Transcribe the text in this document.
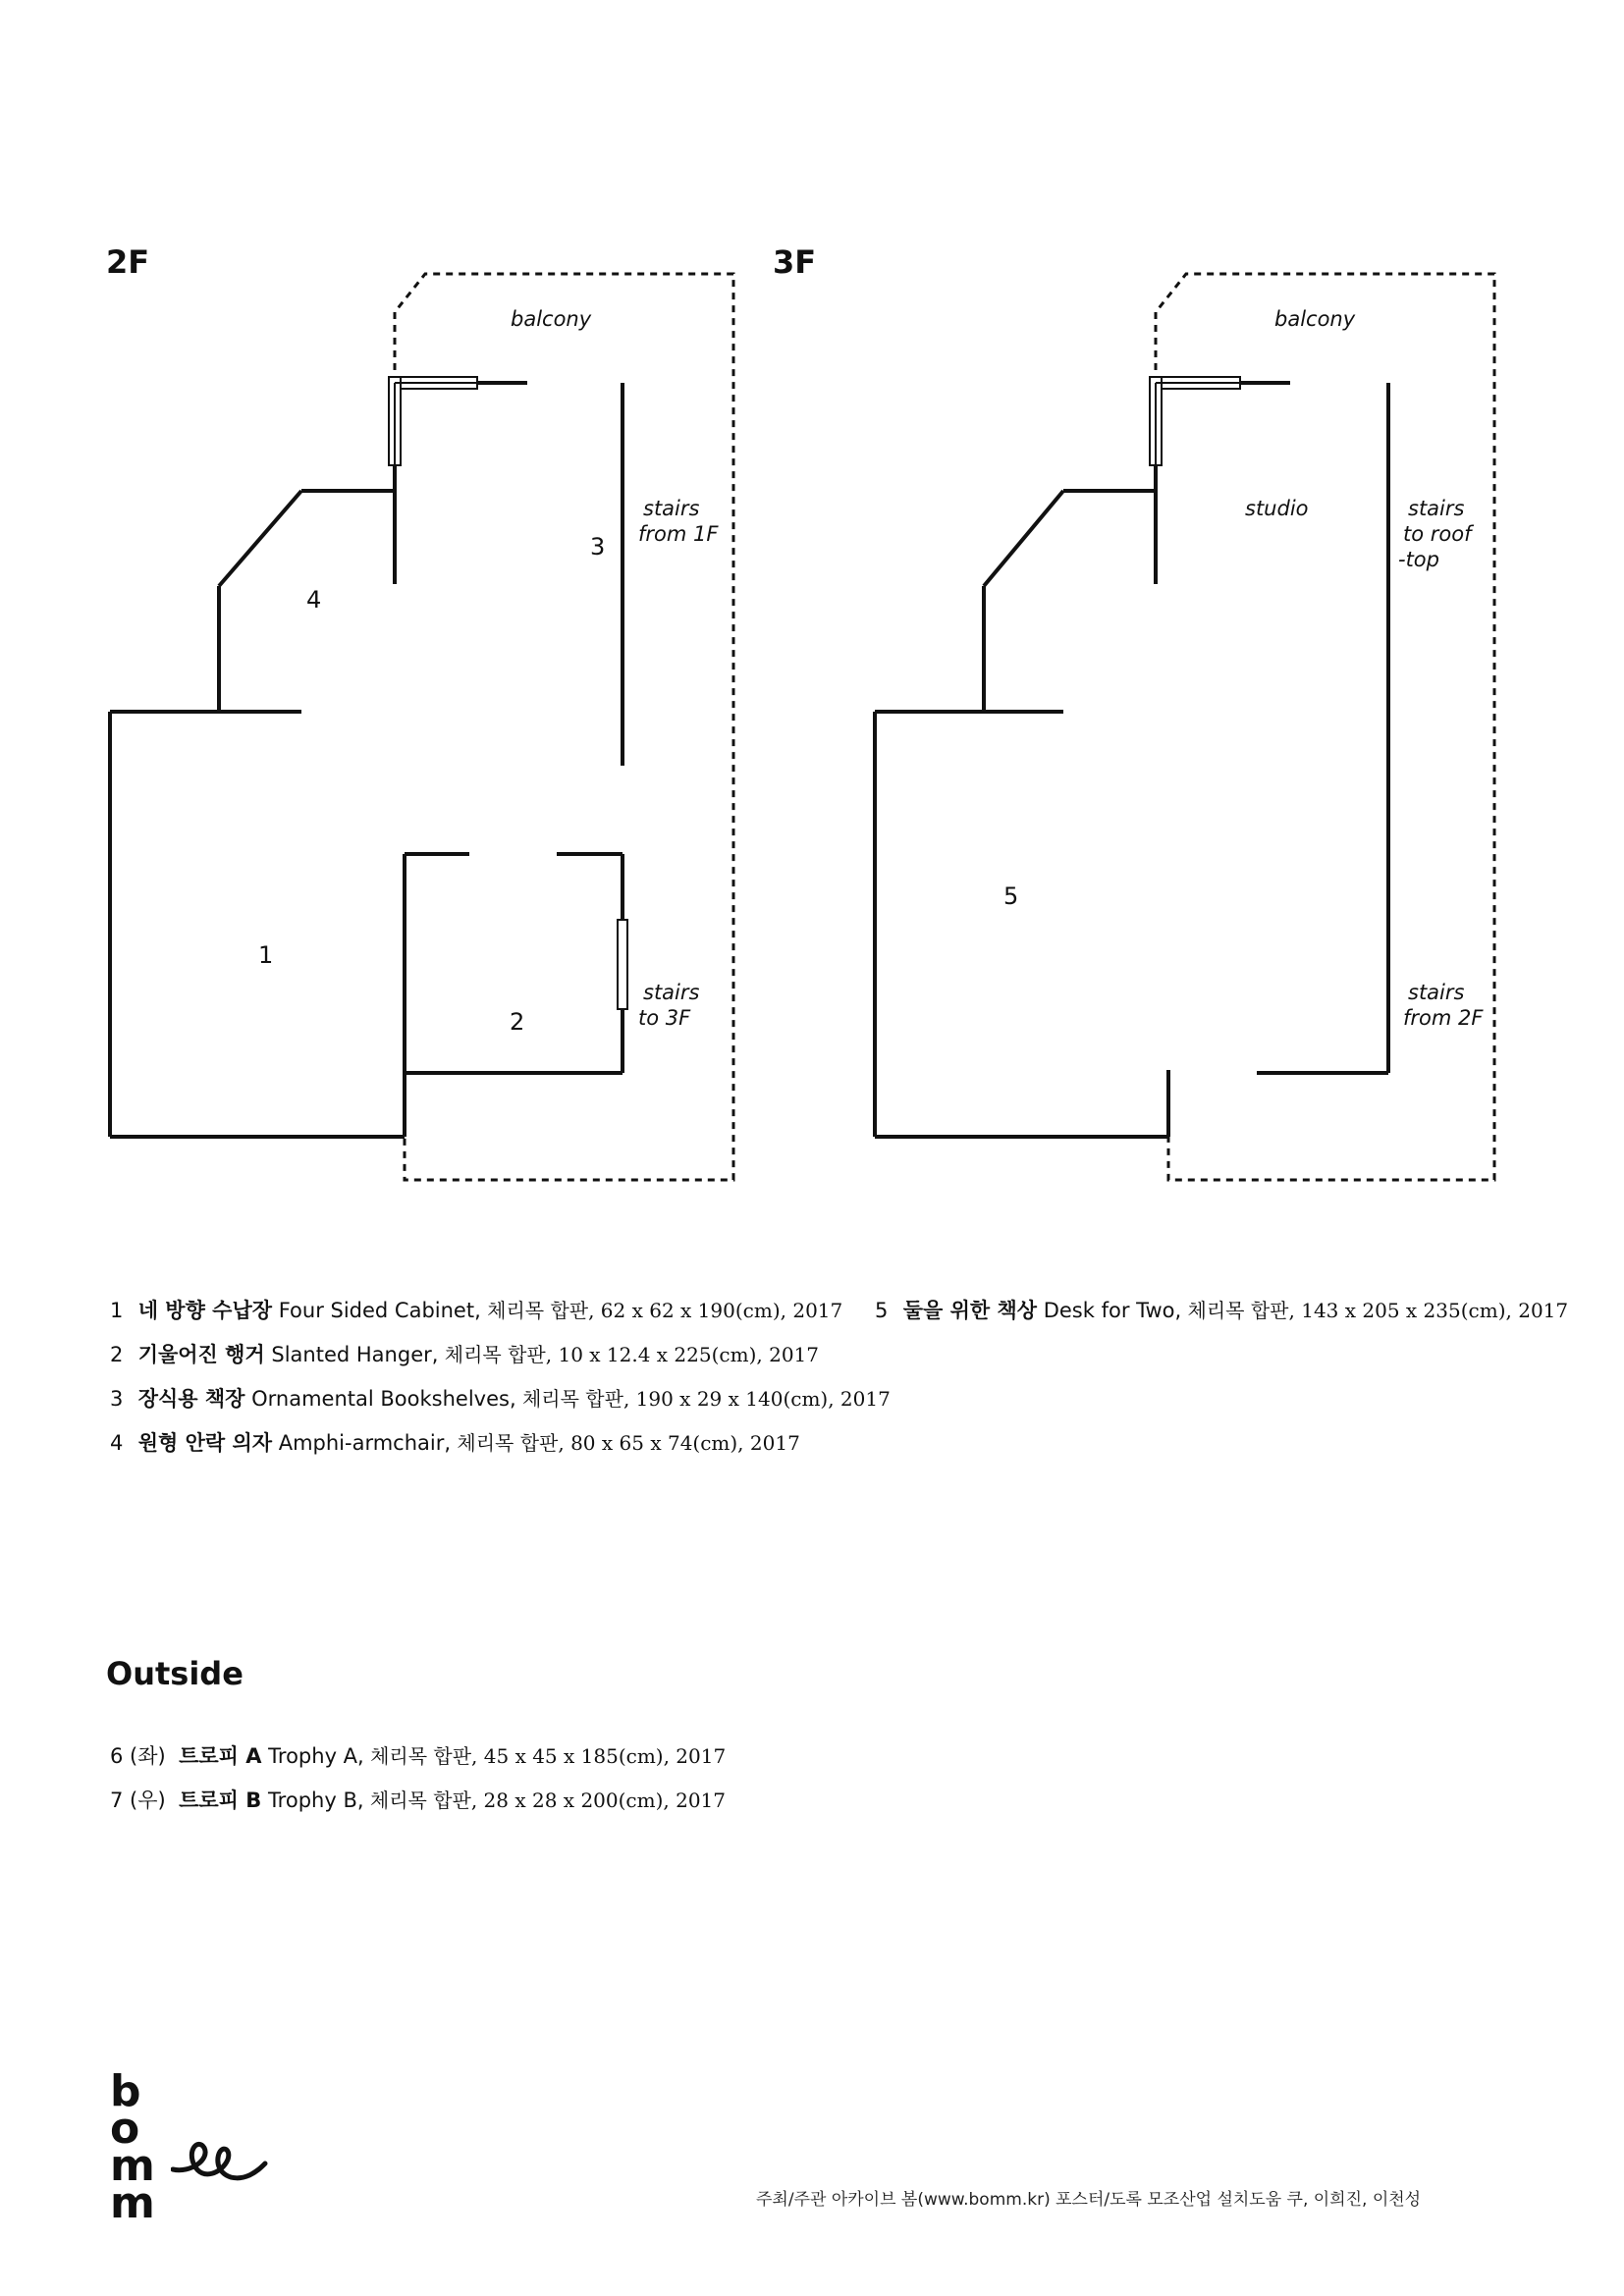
2F	3F
balcony
stairs
from 1F
stairs
to 3F
1
2
3
4
balcony
studio	stairs
to roof
-top
stairs
from 2F
5
1 네 방향 수납장 Four Sided Cabinet, 체리목 합판, 62 x 62 x 190(cm), 2017
2 기울어진 행거 Slanted Hanger, 체리목 합판, 10 x 12.4 x 225(cm), 2017
3 장식용 책장 Ornamental Bookshelves, 체리목 합판, 190 x 29 x 140(cm), 2017
4 원형 안락 의자 Amphi-armchair, 체리목 합판, 80 x 65 x 74(cm), 2017
5 둘을 위한 책상 Desk for Two, 체리목 합판, 143 x 205 x 235(cm), 2017
Outside
6 (좌) 트로피 A Trophy A, 체리목 합판, 45 x 45 x 185(cm), 2017
7 (우) 트로피 B Trophy B, 체리목 합판, 28 x 28 x 200(cm), 2017
b
o
m
m	주최/주관 아카이브 봄(www.bomm.kr) 포스터/도록 모조산업 설치도움 쿠, 이희진, 이천성
